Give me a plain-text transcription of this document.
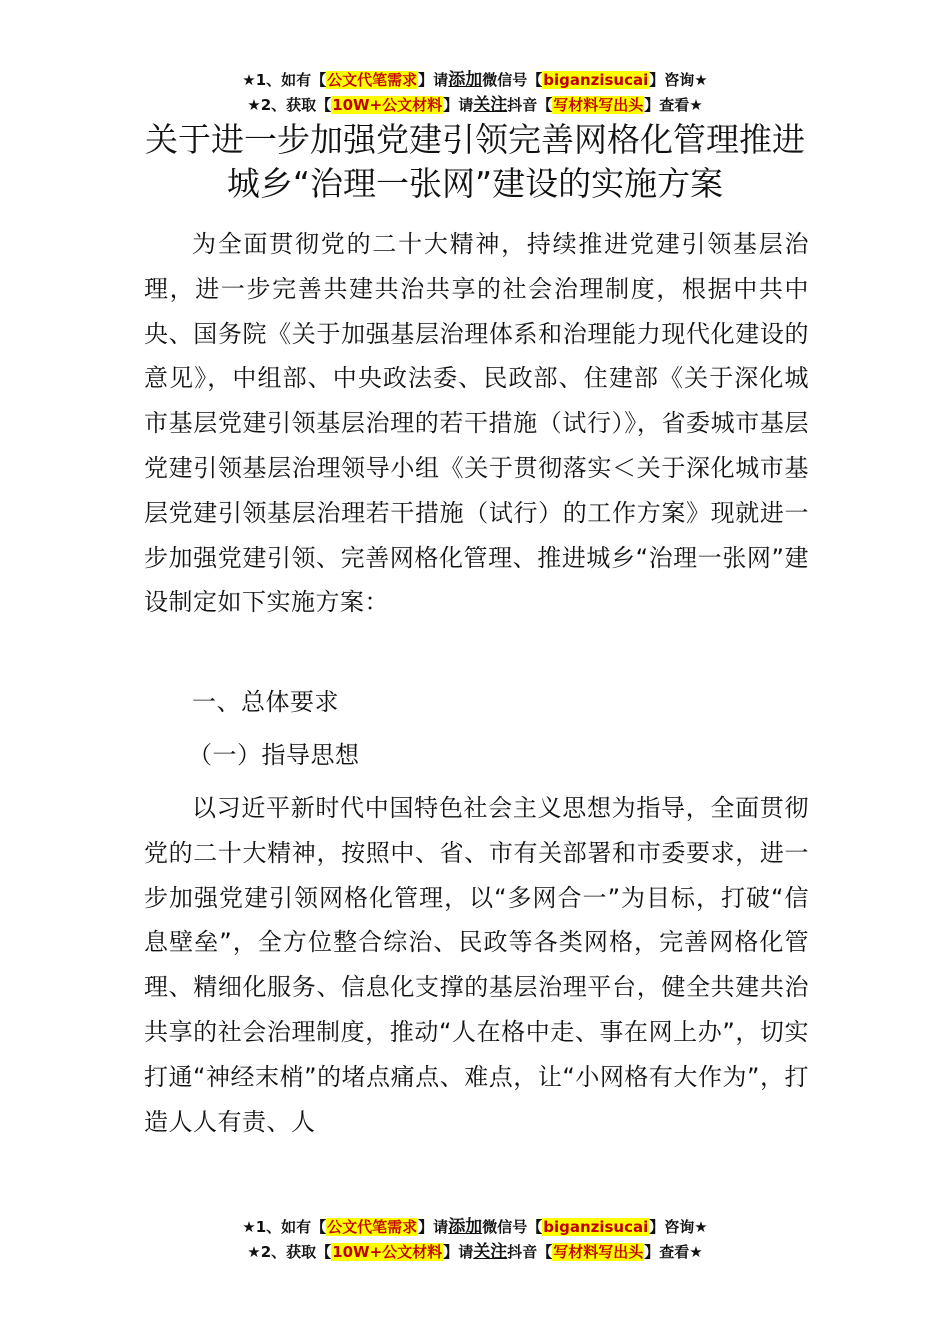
★1、如有【公文代笔需求】请添加微信号【biganzisucai】咨询★
★2、获取【10W+公文材料】请关注抖音【写材料写出头】查看★
关于进一步加强党建引领完善网格化管理推进城乡“治理一张网”建设的实施方案

为全面贯彻党的二十大精神，持续推进党建引领基层治理，进一步完善共建共治共享的社会治理制度，根据中共中央、国务院《关于加强基层治理体系和治理能力现代化建设的意见》，中组部、中央政法委、民政部、住建部《关于深化城市基层党建引领基层治理的若干措施（试行）》，省委城市基层党建引领基层治理领导小组《关于贯彻落实＜关于深化城市基层党建引领基层治理若干措施（试行）的工作方案》现就进一步加强党建引领、完善网格化管理、推进城乡“治理一张网”建设制定如下实施方案：

一、总体要求

（一）指导思想

以习近平新时代中国特色社会主义思想为指导，全面贯彻党的二十大精神，按照中、省、市有关部署和市委要求，进一步加强党建引领网格化管理，以“多网合一”为目标，打破“信息壁垒”，全方位整合综治、民政等各类网格，完善网格化管理、精细化服务、信息化支撑的基层治理平台，健全共建共治共享的社会治理制度，推动“人在格中走、事在网上办”，切实打通“神经末梢”的堵点痛点、难点，让“小网格有大作为”，打造人人有责、人

★1、如有【公文代笔需求】请添加微信号【biganzisucai】咨询★
★2、获取【10W+公文材料】请关注抖音【写材料写出头】查看★
